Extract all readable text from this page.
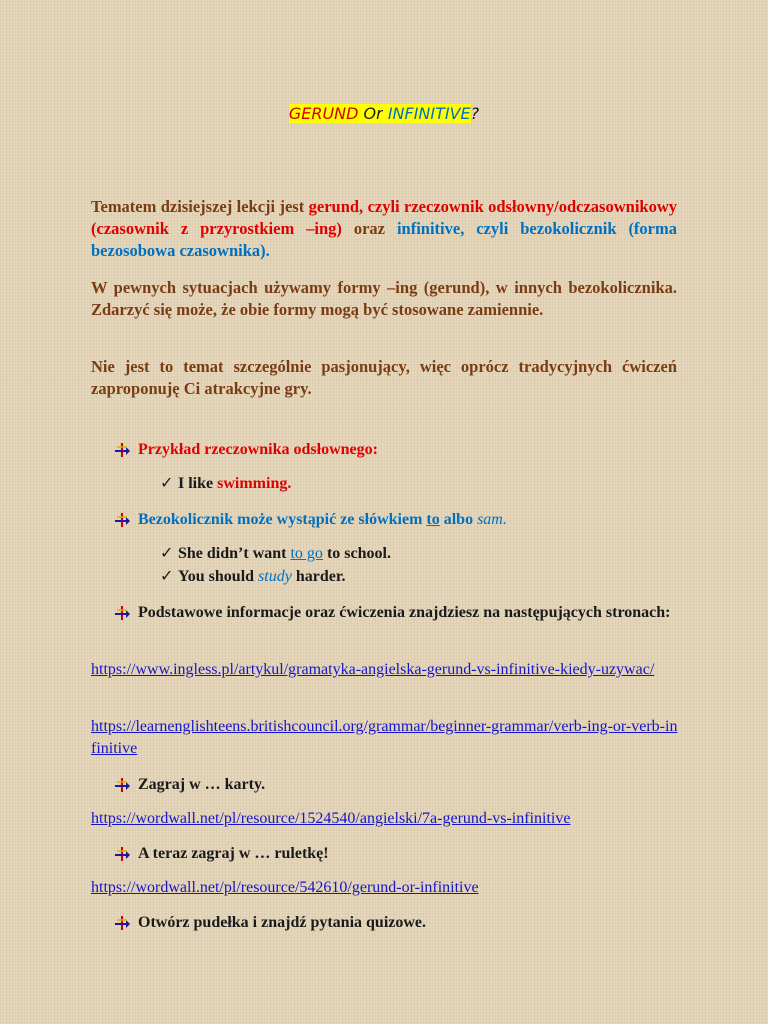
GERUND Or INFINITIVE?
Tematem dzisiejszej lekcji jest gerund, czyli rzeczownik odsłowny/odczasownikowy (czasownik z przyrostkiem –ing) oraz infinitive, czyli bezokolicznik (forma bezosobowa czasownika).
W pewnych sytuacjach używamy formy –ing (gerund), w innych bezokolicznika. Zdarzyć się może, że obie formy mogą być stosowane zamiennie.
Nie jest to temat szczególnie pasjonujący, więc oprócz tradycyjnych ćwiczeń zaproponuję Ci atrakcyjne gry.
Przykład rzeczownika odsłownego:
✓ I like swimming.
Bezokolicznik może wystąpić ze słówkiem to albo sam.
✓ She didn’t want to go to school.
✓ You should study harder.
Podstawowe informacje oraz ćwiczenia znajdziesz na następujących stronach:
https://www.ingless.pl/artykul/gramatyka-angielska-gerund-vs-infinitive-kiedy-uzywac/
https://learnenglishteens.britishcouncil.org/grammar/beginner-grammar/verb-ing-or-verb-infinitive
Zagraj w … karty.
https://wordwall.net/pl/resource/1524540/angielski/7a-gerund-vs-infinitive
A teraz zagraj w … ruletkę!
https://wordwall.net/pl/resource/542610/gerund-or-infinitive
Otwórz pudełka i znajdź pytania quizowe.
